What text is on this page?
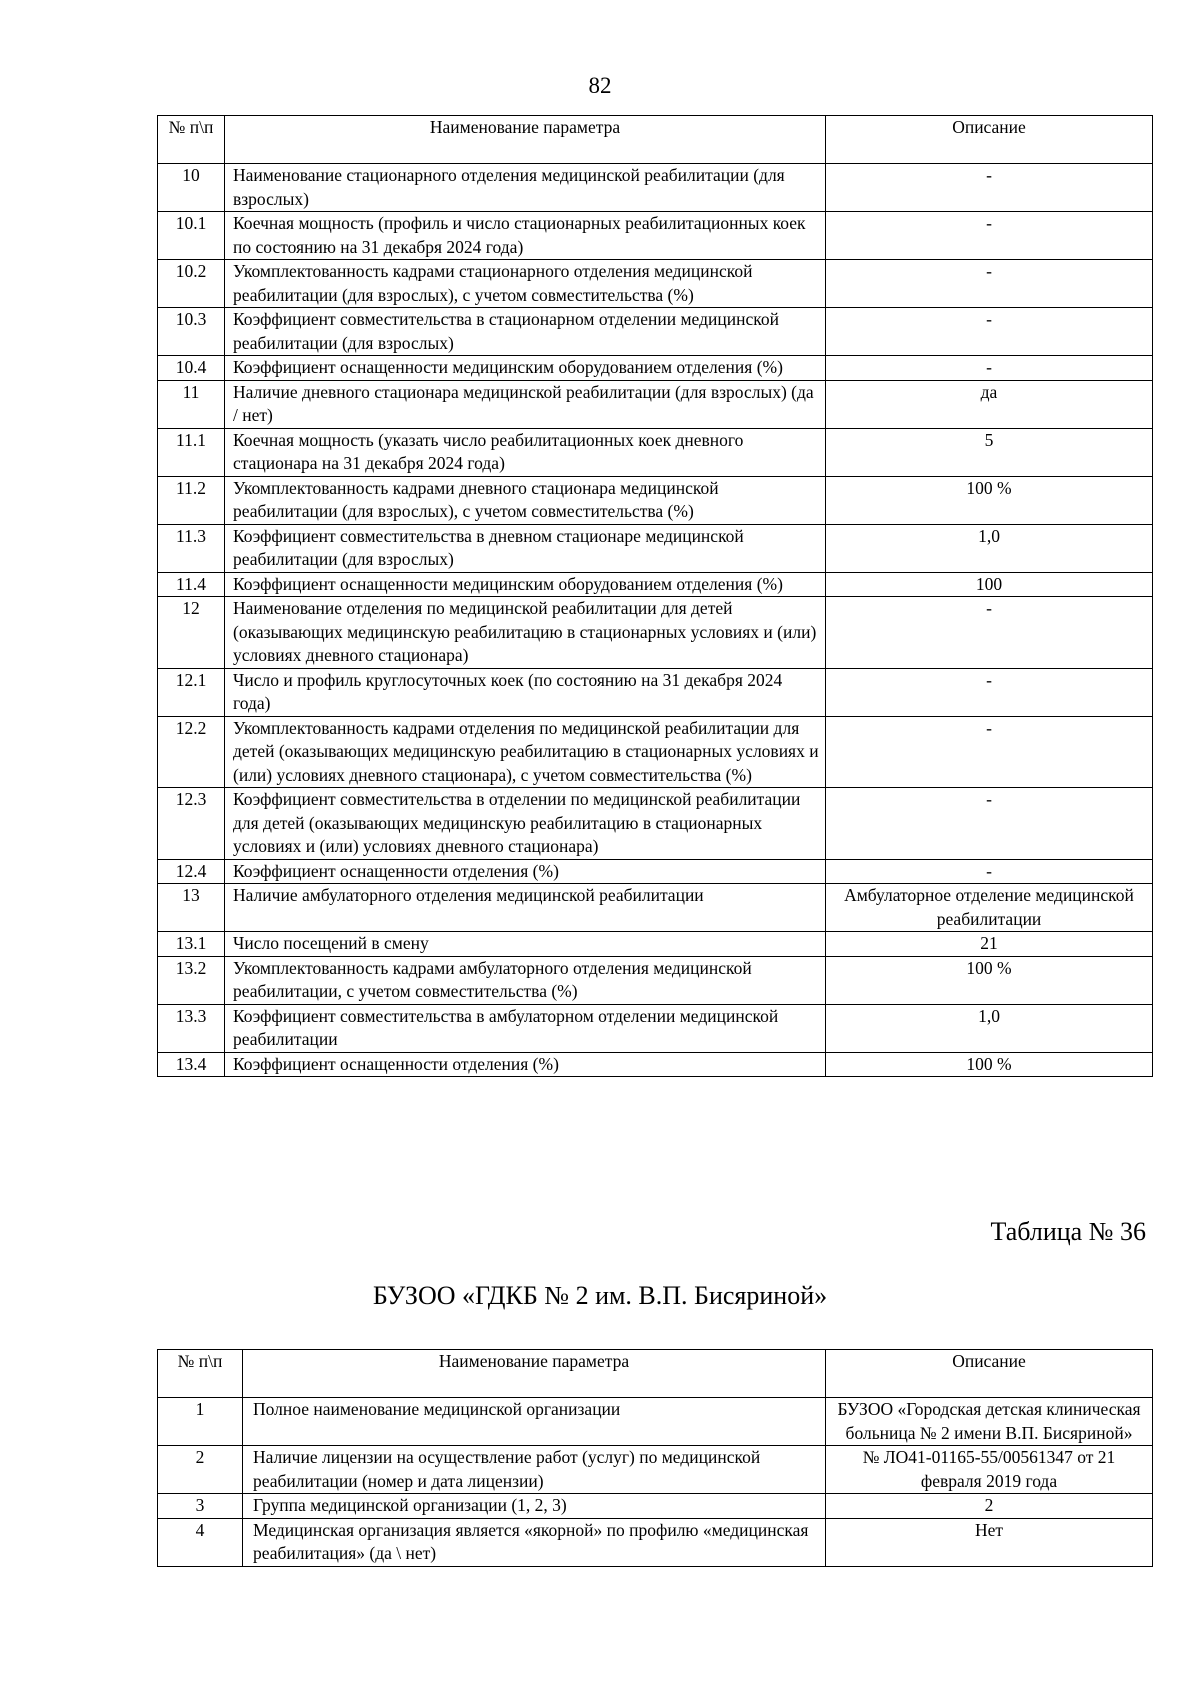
82
№ п\п	Наименование параметра	Описание
10	Наименование стационарного отделения медицинской реабилитации (для взрослых)	-
10.1	Коечная мощность (профиль и число стационарных реабилитационных коек по состоянию на 31 декабря 2024 года)	-
10.2	Укомплектованность кадрами стационарного отделения медицинской реабилитации (для взрослых), с учетом совместительства (%)	-
10.3	Коэффициент совместительства в стационарном отделении медицинской реабилитации (для взрослых)	-
10.4	Коэффициент оснащенности медицинским оборудованием отделения (%)	-
11	Наличие дневного стационара медицинской реабилитации (для взрослых) (да / нет)	да
11.1	Коечная мощность (указать число реабилитационных коек дневного стационара на 31 декабря 2024 года)	5
11.2	Укомплектованность кадрами дневного стационара медицинской реабилитации (для взрослых), с учетом совместительства (%)	100 %
11.3	Коэффициент совместительства в дневном стационаре медицинской реабилитации (для взрослых)	1,0
11.4	Коэффициент оснащенности медицинским оборудованием отделения (%)	100
12	Наименование отделения по медицинской реабилитации для детей (оказывающих медицинскую реабилитацию в стационарных условиях и (или) условиях дневного стационара)	-
12.1	Число и профиль круглосуточных коек (по состоянию на 31 декабря 2024 года)	-
12.2	Укомплектованность кадрами отделения по медицинской реабилитации для детей (оказывающих медицинскую реабилитацию в стационарных условиях и (или) условиях дневного стационара), с учетом совместительства (%)	-
12.3	Коэффициент совместительства в отделении по медицинской реабилитации для детей (оказывающих медицинскую реабилитацию в стационарных условиях и (или) условиях дневного стационара)	-
12.4	Коэффициент оснащенности отделения (%)	-
13	Наличие амбулаторного отделения медицинской реабилитации	Амбулаторное отделение медицинской реабилитации
13.1	Число посещений в смену	21
13.2	Укомплектованность кадрами амбулаторного отделения медицинской реабилитации, с учетом совместительства (%)	100 %
13.3	Коэффициент совместительства в амбулаторном отделении медицинской реабилитации	1,0
13.4	Коэффициент оснащенности отделения (%)	100 %
Таблица № 36
БУЗОО «ГДКБ № 2 им. В.П. Бисяриной»
№ п\п	Наименование параметра	Описание
1	Полное наименование медицинской организации	БУЗОО «Городская детская клиническая больница № 2 имени В.П. Бисяриной»
2	Наличие лицензии на осуществление работ (услуг) по медицинской реабилитации (номер и дата лицензии)	№ ЛО41-01165-55/00561347 от 21 февраля 2019 года
3	Группа медицинской организации (1, 2, 3)	2
4	Медицинская организация является «якорной» по профилю «медицинская реабилитация» (да \ нет)	Нет
